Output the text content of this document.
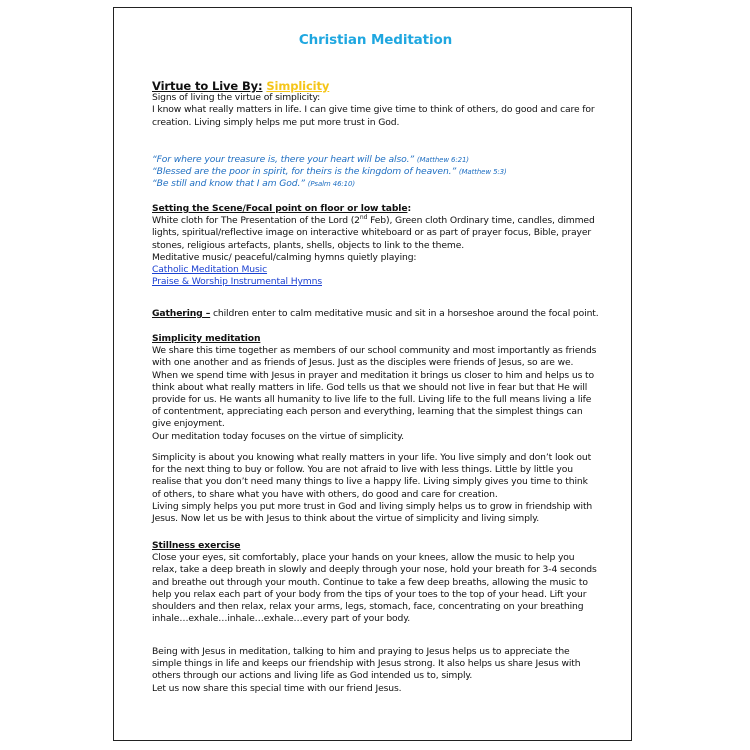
Christian Meditation
Virtue to Live By: Simplicity

Signs of living the virtue of simplicity:

I know what really matters in life. I can give time give time to think of others, do good and care for creation. Living simply helps me put more trust in God.

“For where your treasure is, there your heart will be also.” (Matthew 6:21)

“Blessed are the poor in spirit, for theirs is the kingdom of heaven.” (Matthew 5:3)

“Be still and know that I am God.” (Psalm 46:10)

Setting the Scene/Focal point on floor or low table:

White cloth for The Presentation of the Lord (2nd Feb), Green cloth Ordinary time, candles, dimmed lights, spiritual/reflective image on interactive whiteboard or as part of prayer focus, Bible, prayer stones, religious artefacts, plants, shells, objects to link to the theme.

Meditative music/ peaceful/calming hymns quietly playing:

Catholic Meditation Music
Praise & Worship Instrumental Hymns

Gathering – children enter to calm meditative music and sit in a horseshoe around the focal point.

Simplicity meditation

We share this time together as members of our school community and most importantly as friends with one another and as friends of Jesus. Just as the disciples were friends of Jesus, so are we.

When we spend time with Jesus in prayer and meditation it brings us closer to him and helps us to think about what really matters in life. God tells us that we should not live in fear but that He will provide for us. He wants all humanity to live life to the full. Living life to the full means living a life of contentment, appreciating each person and everything, learning that the simplest things can give enjoyment.

Our meditation today focuses on the virtue of simplicity.

Simplicity is about you knowing what really matters in your life. You live simply and don’t look out for the next thing to buy or follow. You are not afraid to live with less things. Little by little you realise that you don’t need many things to live a happy life. Living simply gives you time to think of others, to share what you have with others, do good and care for creation.

Living simply helps you put more trust in God and living simply helps us to grow in friendship with Jesus. Now let us be with Jesus to think about the virtue of simplicity and living simply.

Stillness exercise

Close your eyes, sit comfortably, place your hands on your knees, allow the music to help you relax, take a deep breath in slowly and deeply through your nose, hold your breath for 3-4 seconds and breathe out through your mouth. Continue to take a few deep breaths, allowing the music to help you relax each part of your body from the tips of your toes to the top of your head. Lift your shoulders and then relax, relax your arms, legs, stomach, face, concentrating on your breathing inhale…exhale…inhale…exhale…every part of your body.

Being with Jesus in meditation, talking to him and praying to Jesus helps us to appreciate the simple things in life and keeps our friendship with Jesus strong. It also helps us share Jesus with others through our actions and living life as God intended us to, simply.

Let us now share this special time with our friend Jesus.
